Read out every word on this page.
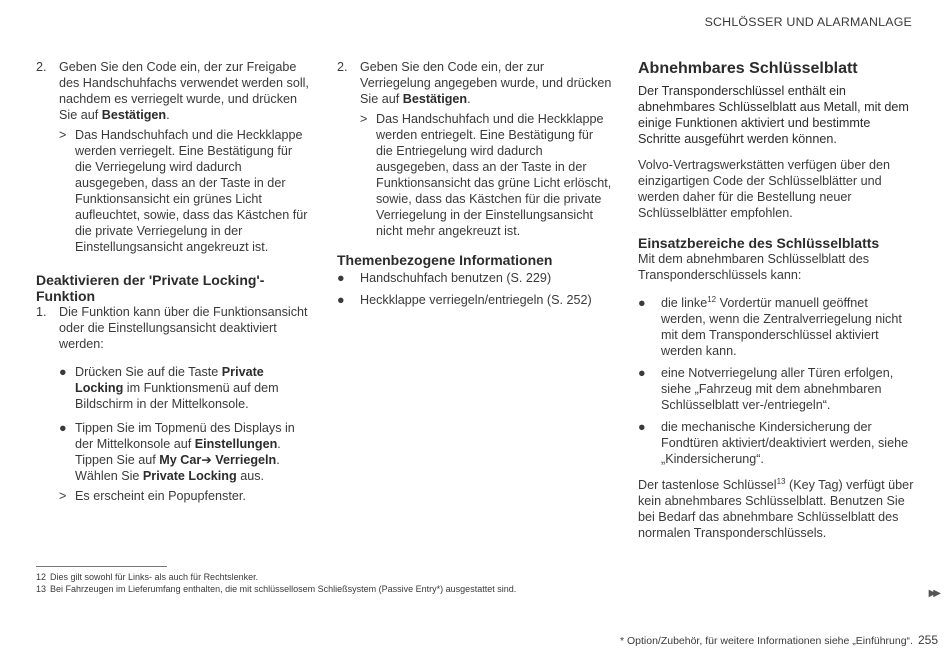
SCHLÖSSER UND ALARMANLAGE
2. Geben Sie den Code ein, der zur Freigabe des Handschuhfachs verwendet werden soll, nachdem es verriegelt wurde, und drücken Sie auf Bestätigen.

> Das Handschuhfach und die Heckklappe werden verriegelt. Eine Bestätigung für die Verriegelung wird dadurch ausgegeben, dass an der Taste in der Funktionsansicht ein grünes Licht aufleuchtet, sowie, dass das Kästchen für die private Verriegelung in der Einstellungsansicht angekreuzt ist.

Deaktivieren der 'Private Locking'-Funktion
1. Die Funktion kann über die Funktionsansicht oder die Einstellungsansicht deaktiviert werden:

● Drücken Sie auf die Taste Private Locking im Funktionsmenü auf dem Bildschirm in der Mittelkonsole.

● Tippen Sie im Topmenü des Displays in der Mittelkonsole auf Einstellungen. Tippen Sie auf My Car➔ Verriegeln. Wählen Sie Private Locking aus.

> Es erscheint ein Popupfenster.

2. Geben Sie den Code ein, der zur Verriegelung angegeben wurde, und drücken Sie auf Bestätigen.

> Das Handschuhfach und die Heckklappe werden entriegelt. Eine Bestätigung für die Entriegelung wird dadurch ausgegeben, dass an der Taste in der Funktionsansicht das grüne Licht erlöscht, sowie, dass das Kästchen für die private Verriegelung in der Einstellungsansicht nicht mehr angekreuzt ist.

Themenbezogene Informationen
● Handschuhfach benutzen (S. 229)

● Heckklappe verriegeln/entriegeln (S. 252)

Abnehmbares Schlüsselblatt

Der Transponderschlüssel enthält ein abnehmbares Schlüsselblatt aus Metall, mit dem einige Funktionen aktiviert und bestimmte Schritte ausgeführt werden können.

Volvo-Vertragswerkstätten verfügen über den einzigartigen Code der Schlüsselblätter und werden daher für die Bestellung neuer Schlüsselblätter empfohlen.

Einsatzbereiche des Schlüsselblatts

Mit dem abnehmbaren Schlüsselblatt des Transponderschlüssels kann:

● die linke$^{12}$ Vordertür manuell geöffnet werden, wenn die Zentralverriegelung nicht mit dem Transponderschlüssel aktiviert werden kann.

● eine Notverriegelung aller Türen erfolgen, siehe „Fahrzeug mit dem abnehmbaren Schlüsselblatt ver-/entriegeln“.

● die mechanische Kindersicherung der Fondtüren aktiviert/deaktiviert werden, siehe „Kindersicherung“.

Der tastenlose Schlüssel$^{13}$ (Key Tag) verfügt über kein abnehmbares Schlüsselblatt. Benutzen Sie bei Bedarf das abnehmbare Schlüsselblatt des normalen Transponderschlüssels.

12 Dies gilt sowohl für Links- als auch für Rechtslenker.
13 Bei Fahrzeugen im Lieferumfang enthalten, die mit schlüssellosem Schließsystem (Passive Entry*) ausgestattet sind.	▶▶
* Option/Zubehör, für weitere Informationen siehe „Einführung“. 255
